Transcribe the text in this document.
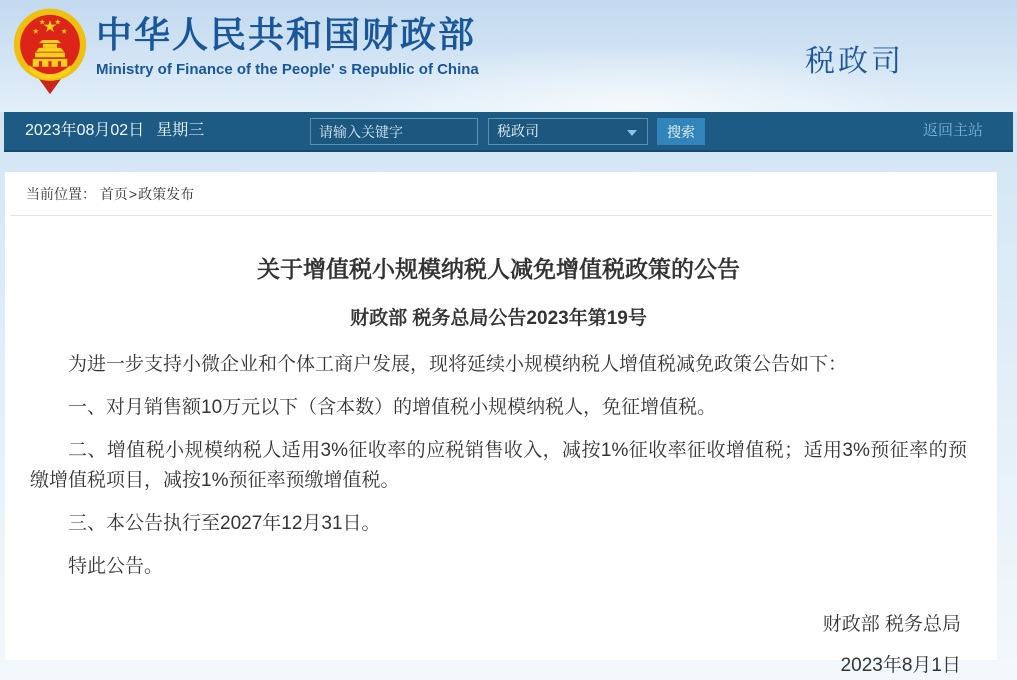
中华人民共和国财政部
Ministry of Finance of the People' s Republic of China	税政司
2023年08月02日 星期三
请输入关键字	税政司	搜索	返回主站
当前位置： 首页>政策发布
关于增值税小规模纳税人减免增值税政策的公告
财政部 税务总局公告2023年第19号

为进一步支持小微企业和个体工商户发展，现将延续小规模纳税人增值税减免政策公告如下：

一、对月销售额10万元以下（含本数）的增值税小规模纳税人，免征增值税。

二、增值税小规模纳税人适用3%征收率的应税销售收入，减按1%征收率征收增值税；适用3%预征率的预缴增值税项目，减按1%预征率预缴增值税。

三、本公告执行至2027年12月31日。

特此公告。

财政部 税务总局
2023年8月1日
